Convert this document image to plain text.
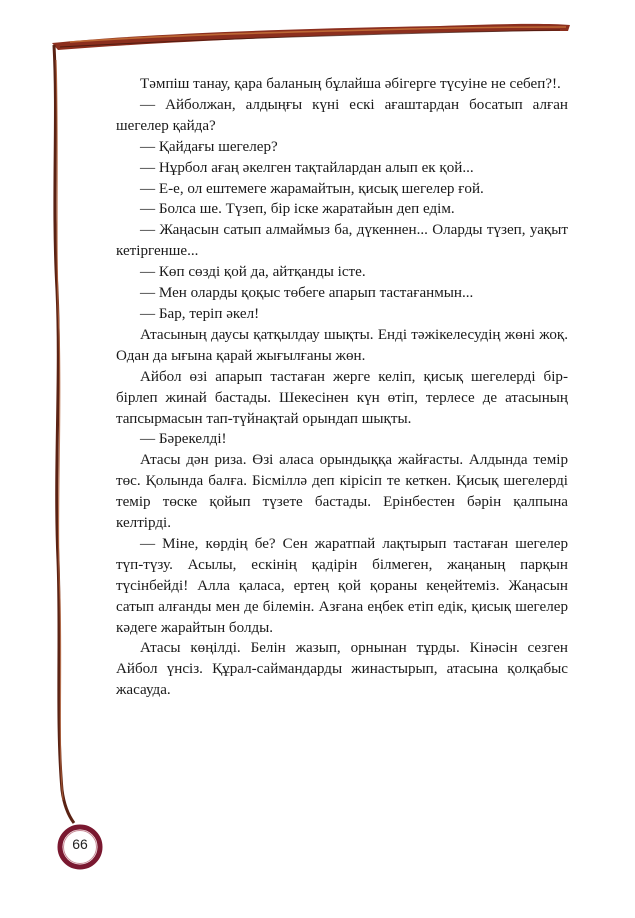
Тәмпіш танау, қара баланың бұлайша әбігерге түсуіне не себеп?!.

— Айболжан, алдыңғы күні ескі ағаштардан босатып алған шегелер қайда?

— Қайдағы шегелер?

— Нұрбол ағаң әкелген тақтайлардан алып ек қой...

— Е-е, ол ештемеге жарамайтын, қисық шегелер ғой.

— Болса ше. Түзеп, бір іске жаратайын деп едім.

— Жаңасын сатып алмаймыз ба, дүкеннен... Оларды түзеп, уақыт кетіргенше...

— Көп сөзді қой да, айтқанды істе.

— Мен оларды қоқыс төбеге апарып тастағанмын...

— Бар, теріп әкел!

Атасының даусы қатқылдау шықты. Енді тәжікелесудің жөні жоқ. Одан да ығына қарай жығылғаны жөн.

Айбол өзі апарып тастаған жерге келіп, қисық шегелерді бір-бірлеп жинай бастады. Шекесінен күн өтіп, терлесе де атасының тапсырмасын тап-түйнақтай орындап шықты.

— Бәрекелді!

Атасы дән риза. Өзі аласа орындыққа жайғасты. Алдында темір төс. Қолында балға. Бісміллә деп кірісіп те кеткен. Қисық шегелерді темір төске қойып түзете бастады. Ерінбестен бәрін қалпына келтірді.

— Міне, көрдің бе? Сен жаратпай лақтырып тастаған шегелер түп-түзу. Асылы, ескінің қадірін білмеген, жаңаның парқын түсінбейді! Алла қаласа, ертең қой қораны кеңейтеміз. Жаңасын сатып алғанды мен де білемін. Азғана еңбек етіп едік, қисық шегелер кәдеге жарайтын болды.

Атасы көңілді. Белін жазып, орнынан тұрды. Кінәсін сезген Айбол үнсіз. Құрал-саймандарды жинастырып, атасына қолқабыс жасауда.

66
